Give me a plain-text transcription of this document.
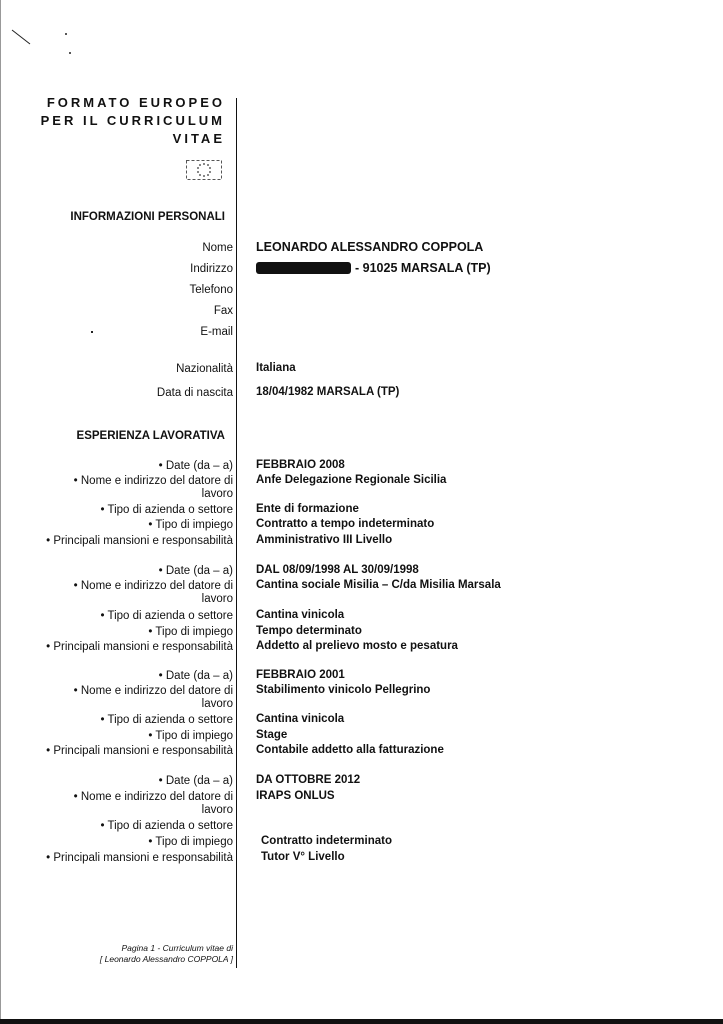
FORMATO EUROPEO
PER IL CURRICULUM
VITAE
INFORMAZIONI PERSONALI
Nome LEONARDO ALESSANDRO COPPOLA
Indirizzo	- 91025 MARSALA (TP)
Telefono
Fax
E-mail
Nazionalità Italiana
Data di nascita 18/04/1982 MARSALA (TP)
ESPERIENZA LAVORATIVA
• Date (da – a) FEBBRAIO 2008
• Nome e indirizzo del datore di
lavoro
Anfe Delegazione Regionale Sicilia
• Tipo di azienda o settore Ente di formazione
• Tipo di impiego Contratto a tempo indeterminato
• Principali mansioni e responsabilità Amministrativo III Livello
• Date (da – a) DAL 08/09/1998 AL 30/09/1998
• Nome e indirizzo del datore di
lavoro
Cantina sociale Misilia – C/da Misilia Marsala
• Tipo di azienda o settore Cantina vinicola
• Tipo di impiego Tempo determinato
• Principali mansioni e responsabilità Addetto al prelievo mosto e pesatura
• Date (da – a) FEBBRAIO 2001
• Nome e indirizzo del datore di
lavoro
Stabilimento vinicolo Pellegrino
• Tipo di azienda o settore Cantina vinicola
• Tipo di impiego Stage
• Principali mansioni e responsabilità Contabile addetto alla fatturazione
• Date (da – a) DA OTTOBRE 2012
• Nome e indirizzo del datore di
lavoro
IRAPS ONLUS
• Tipo di azienda o settore
• Tipo di impiego Contratto indeterminato
• Principali mansioni e responsabilità Tutor V° Livello
Pagina 1 - Curriculum vitae di
[ Leonardo Alessandro COPPOLA ]
